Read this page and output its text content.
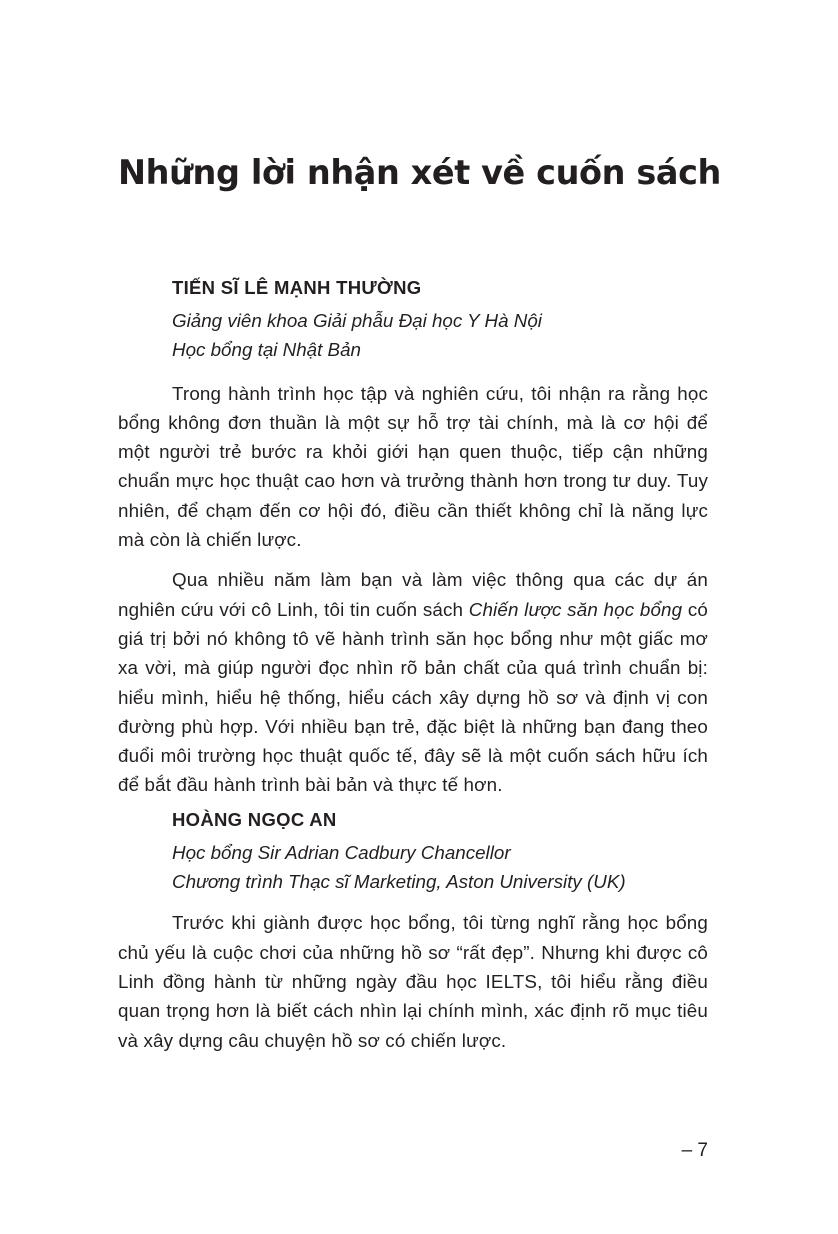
Những lời nhận xét về cuốn sách
TIẾN SĨ LÊ MẠNH THƯỜNG
Giảng viên khoa Giải phẫu Đại học Y Hà Nội
Học bổng tại Nhật Bản

Trong hành trình học tập và nghiên cứu, tôi nhận ra rằng học bổng không đơn thuần là một sự hỗ trợ tài chính, mà là cơ hội để một người trẻ bước ra khỏi giới hạn quen thuộc, tiếp cận những chuẩn mực học thuật cao hơn và trưởng thành hơn trong tư duy. Tuy nhiên, để chạm đến cơ hội đó, điều cần thiết không chỉ là năng lực mà còn là chiến lược.

Qua nhiều năm làm bạn và làm việc thông qua các dự án nghiên cứu với cô Linh, tôi tin cuốn sách Chiến lược săn học bổng có giá trị bởi nó không tô vẽ hành trình săn học bổng như một giấc mơ xa vời, mà giúp người đọc nhìn rõ bản chất của quá trình chuẩn bị: hiểu mình, hiểu hệ thống, hiểu cách xây dựng hồ sơ và định vị con đường phù hợp. Với nhiều bạn trẻ, đặc biệt là những bạn đang theo đuổi môi trường học thuật quốc tế, đây sẽ là một cuốn sách hữu ích để bắt đầu hành trình bài bản và thực tế hơn.

HOÀNG NGỌC AN
Học bổng Sir Adrian Cadbury Chancellor
Chương trình Thạc sĩ Marketing, Aston University (UK)

Trước khi giành được học bổng, tôi từng nghĩ rằng học bổng chủ yếu là cuộc chơi của những hồ sơ “rất đẹp”. Nhưng khi được cô Linh đồng hành từ những ngày đầu học IELTS, tôi hiểu rằng điều quan trọng hơn là biết cách nhìn lại chính mình, xác định rõ mục tiêu và xây dựng câu chuyện hồ sơ có chiến lược.

– 7
